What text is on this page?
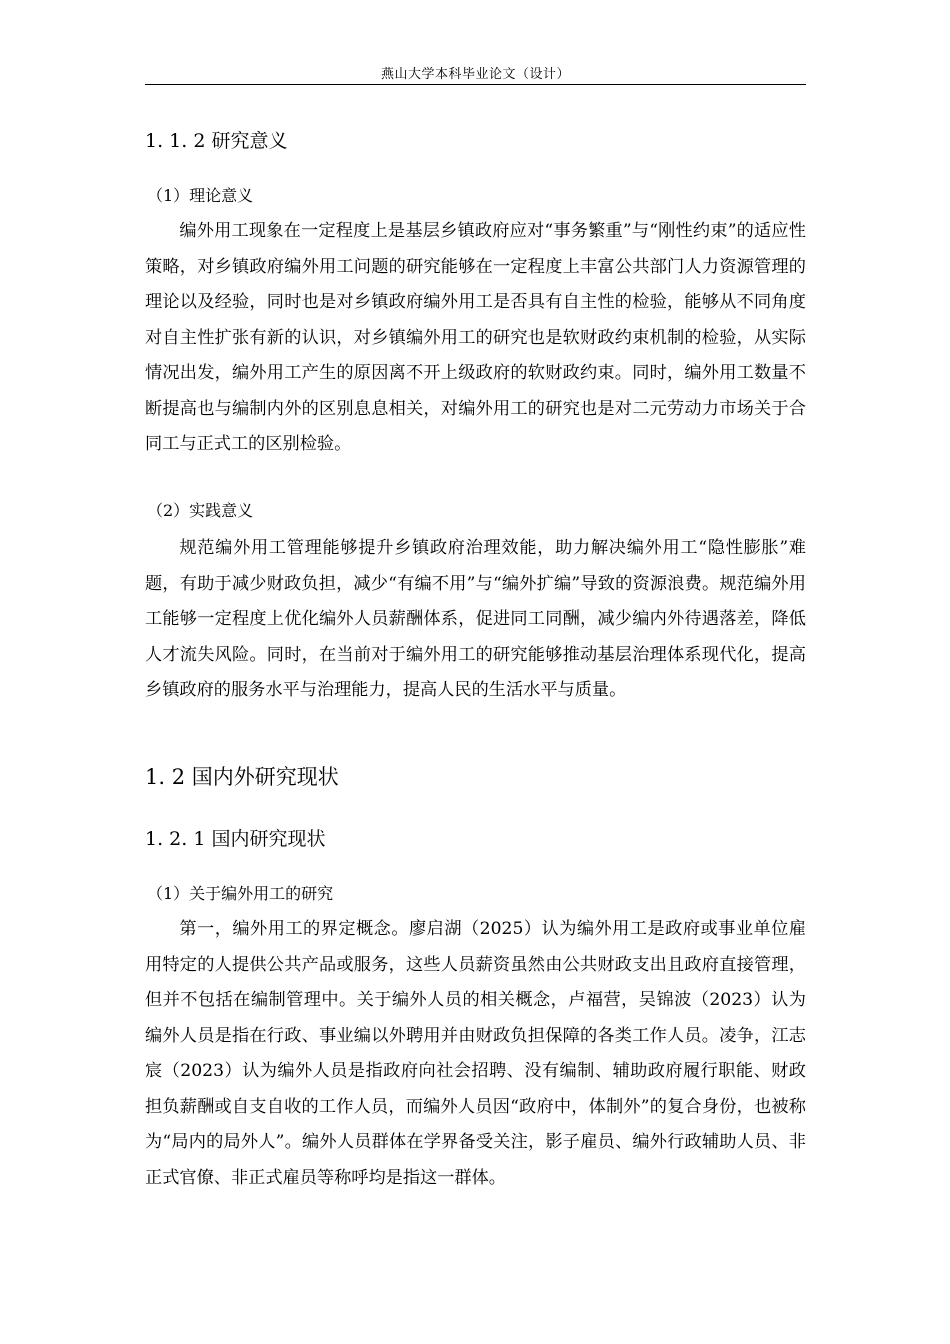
燕山大学本科毕业论文（设计）
1. 1. 2 研究意义
（1）理论意义

编外用工现象在一定程度上是基层乡镇政府应对“事务繁重”与“刚性约束”的适应性策略，对乡镇政府编外用工问题的研究能够在一定程度上丰富公共部门人力资源管理的理论以及经验，同时也是对乡镇政府编外用工是否具有自主性的检验，能够从不同角度对自主性扩张有新的认识，对乡镇编外用工的研究也是软财政约束机制的检验，从实际情况出发，编外用工产生的原因离不开上级政府的软财政约束。同时，编外用工数量不断提高也与编制内外的区别息息相关，对编外用工的研究也是对二元劳动力市场关于合同工与正式工的区别检验。

（2）实践意义

规范编外用工管理能够提升乡镇政府治理效能，助力解决编外用工“隐性膨胀”难题，有助于减少财政负担，减少“有编不用”与“编外扩编”导致的资源浪费。规范编外用工能够一定程度上优化编外人员薪酬体系，促进同工同酬，减少编内外待遇落差，降低人才流失风险。同时，在当前对于编外用工的研究能够推动基层治理体系现代化，提高乡镇政府的服务水平与治理能力，提高人民的生活水平与质量。

1. 2 国内外研究现状
1. 2. 1 国内研究现状
（1）关于编外用工的研究

第一，编外用工的界定概念。廖启湖（2025）认为编外用工是政府或事业单位雇用特定的人提供公共产品或服务，这些人员薪资虽然由公共财政支出且政府直接管理，但并不包括在编制管理中。关于编外人员的相关概念，卢福营，吴锦波（2023）认为编外人员是指在行政、事业编以外聘用并由财政负担保障的各类工作人员。凌争，江志宸（2023）认为编外人员是指政府向社会招聘、没有编制、辅助政府履行职能、财政担负薪酬或自支自收的工作人员，而编外人员因“政府中，体制外”的复合身份，也被称为“局内的局外人”。编外人员群体在学界备受关注，影子雇员、编外行政辅助人员、非正式官僚、非正式雇员等称呼均是指这一群体。
